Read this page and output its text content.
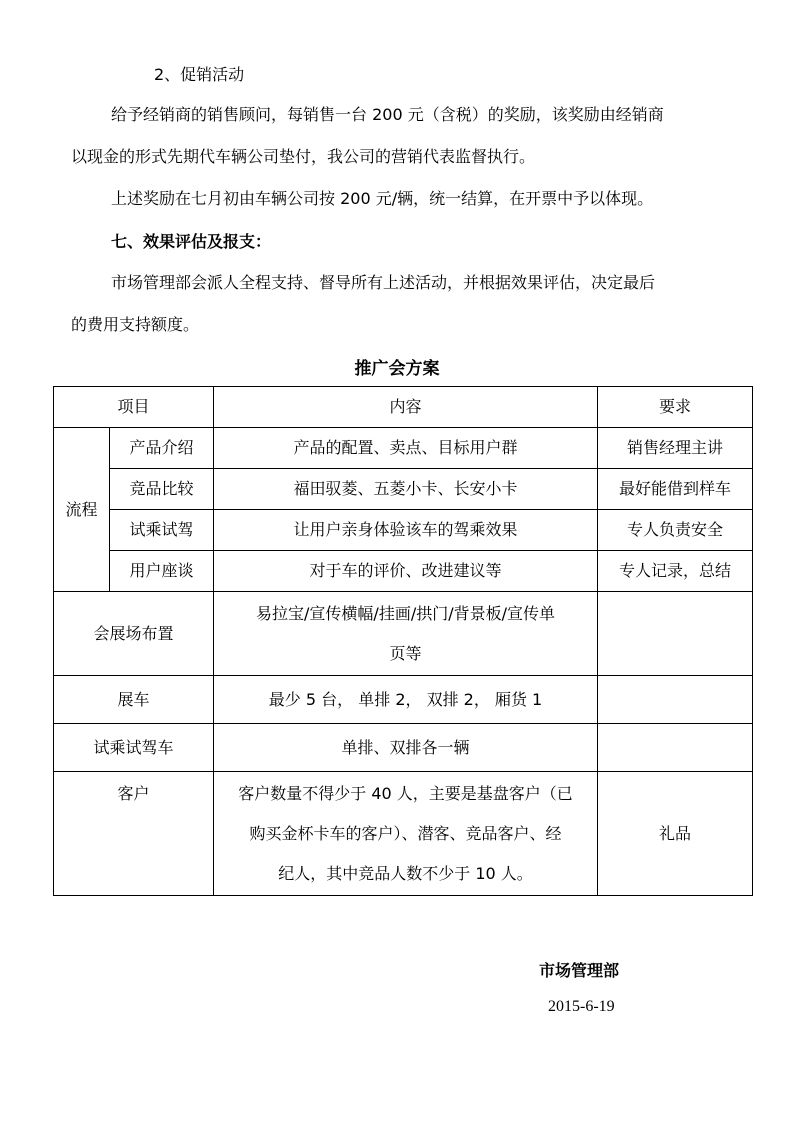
2、促销活动
给予经销商的销售顾问，每销售一台 200 元（含税）的奖励，该奖励由经销商
以现金的形式先期代车辆公司垫付，我公司的营销代表监督执行。
上述奖励在七月初由车辆公司按 200 元/辆，统一结算，在开票中予以体现。
七、效果评估及报支：
市场管理部会派人全程支持、督导所有上述活动，并根据效果评估，决定最后
的费用支持额度。
推广会方案
项目		内容	要求
流程	产品介绍	产品的配置、卖点、目标用户群	销售经理主讲
	竞品比较	福田驭菱、五菱小卡、长安小卡	最好能借到样车
	试乘试驾	让用户亲身体验该车的驾乘效果	专人负责安全
	用户座谈	对于车的评价、改进建议等	专人记录，总结
会展场布置		易拉宝/宣传横幅/挂画/拱门/背景板/宣传单
页等	
展车		最少 5 台， 单排 2， 双排 2， 厢货 1	
试乘试驾车		单排、双排各一辆	
客户		客户数量不得少于 40 人，主要是基盘客户（已
购买金杯卡车的客户）、潜客、竞品客户、经
纪人，其中竞品人数不少于 10 人。	礼品
市场管理部
2015-6-19
